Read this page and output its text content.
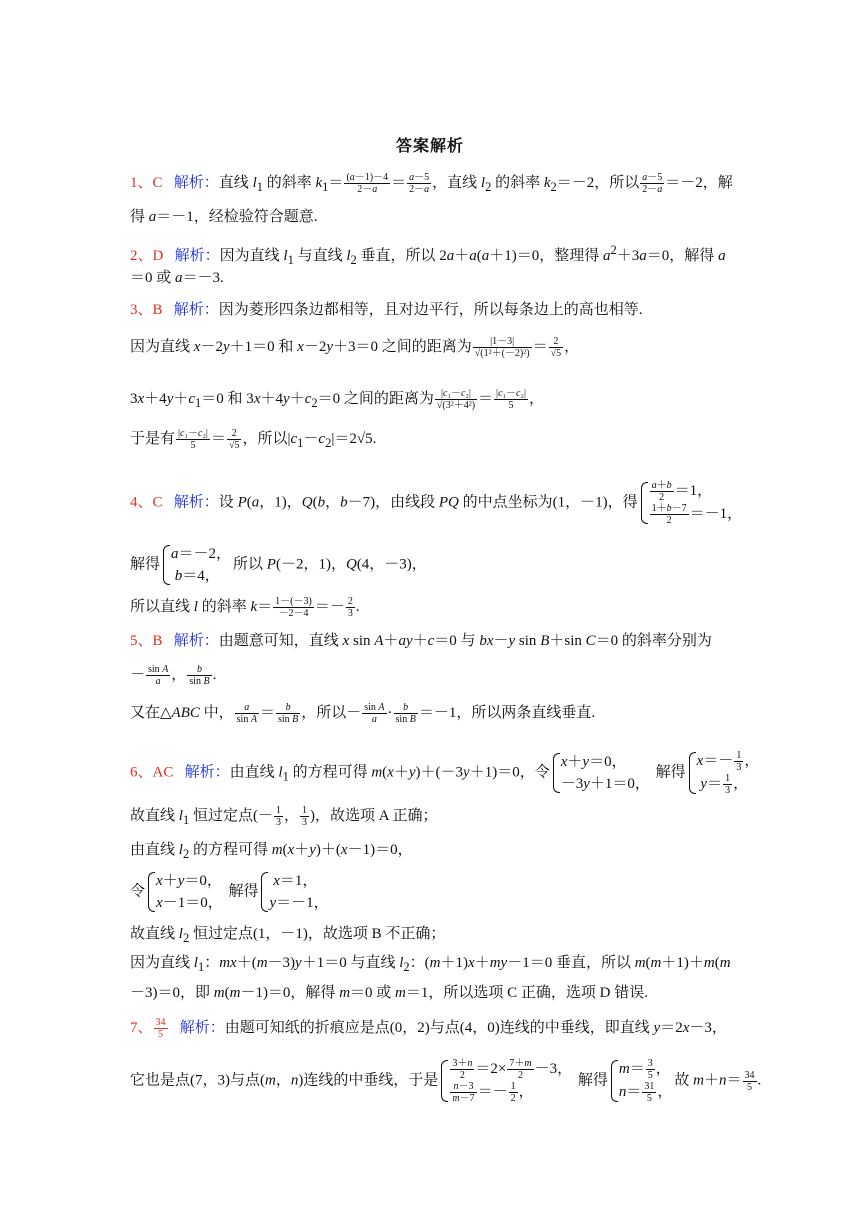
答案解析
1、C 解析：直线 $l_1$ 的斜率 $k_1= \frac{(a-1)-4}{2-a} = \frac{a-5}{2-a}$ ，直线 $l_2$ 的斜率 $k_2=-2$，所以 $\frac{a-5}{2-a} =-2$，解
得 a＝－1，经检验符合题意.
2、D 解析：因为直线 $l_1$ 与直线 $l_2$ 垂直，所以 2a＋a(a＋1)＝0，整理得 $a^2+3a=0$，解得 a
＝0 或 a＝－3.
3、B 解析：因为菱形四条边都相等，且对边平行，所以每条边上的高也相等.
因为直线 x－2y＋1＝0 和 x－2y＋3＝0 之间的距离为 $\frac{|1-3|}{\text{√(1²＋(－2)²)}} = \frac{2}{√5}$ ，
$3x+4y+c_1=0$ 和 $3x+4y+c_2=0$ 之间的距离为 $\frac{\text{|c₁－c₂|}}{\text{√(3²＋4²)}} = \frac{\text{|c₁－c₂|}}{5}$ ，
于是有 $\frac{\text{|c₁－c₂|}}{5} = \frac{2}{√5}$ ，所以$|c_1-c_2|=2√5$.
4、C 解析：设 P(a，1)，Q(b，b－7)，由线段 PQ 的中点坐标为(1，－1)，得 $\frac{a+b}{2} =1$，
$\frac{1+b-7}{2} =-1$，
解得
a＝－2，
b＝4，
所以 P(－2，1)，Q(4，－3)，
所以直线 l 的斜率 $k= \frac{1-(-3)}{-2-4} =- \frac{2}{3}$ .
5、B 解析：由题意可知，直线 x sin A＋ay＋c＝0 与 bx－y sin B＋sin C＝0 的斜率分别为
－ $\frac{\text{sin A}}{a}$ ， $\frac{b}{\text{sin B}}$ .
又在△ABC 中， $\frac{a}{\text{sin A}} = \frac{b}{\text{sin B}}$ ，所以－ $\frac{\text{sin A}}{a} \cdot \frac{b}{\text{sin B}} =-1$，所以两条直线垂直.
6、AC 解析：由直线 $l_1$ 的方程可得 m(x＋y)＋(－3y＋1)＝0，令
x＋y＝0，
－3y＋1＝0，
解得
$x=- \frac{1}{3}$ ，
$y= \frac{1}{3}$ ，
故直线 $l_1$ 恒过定点(－ $\frac{1}{3}$ ， $\frac{1}{3}$ )，故选项 A 正确；
由直线 $l_2$ 的方程可得 m(x＋y)＋(x－1)＝0，
令
x＋y＝0，
x－1＝0，
解得
x＝1，
y＝－1，
故直线 $l_2$ 恒过定点(1，－1)，故选项 B 不正确；
因为直线 $l_1$：mx＋(m－3)y＋1＝0 与直线 $l_2$：(m＋1)x＋my－1＝0 垂直，所以 m(m＋1)＋m(m
－3)＝0，即 m(m－1)＝0，解得 m＝0 或 m＝1，所以选项 C 正确，选项 D 错误.
7、 $\frac{34}{5}$ 解析：由题可知纸的折痕应是点(0，2)与点(4，0)连线的中垂线，即直线 y＝2x－3，
它也是点(7，3)与点(m，n)连线的中垂线，于是 $\frac{3+n}{2} =2\times \frac{7+m}{2} -3$，
$\frac{n-3}{m-7} =- \frac{1}{2}$ ，
解得
$m= \frac{3}{5}$ ，
$n= \frac{31}{5}$ ，
故 $m+n= \frac{34}{5}$ .
